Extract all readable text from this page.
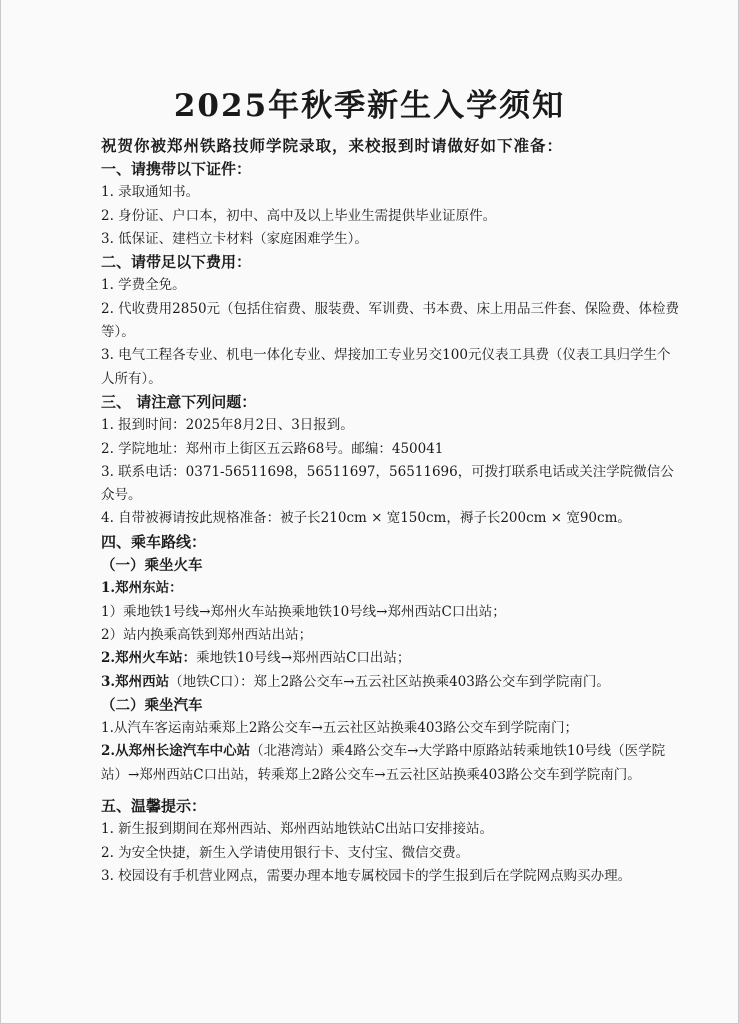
2025年秋季新生入学须知
祝贺你被郑州铁路技师学院录取，来校报到时请做好如下准备：
一、请携带以下证件：
1. 录取通知书。
2. 身份证、户口本，初中、高中及以上毕业生需提供毕业证原件。
3. 低保证、建档立卡材料（家庭困难学生）。
二、请带足以下费用：
1. 学费全免。
2. 代收费用2850元（包括住宿费、服装费、军训费、书本费、床上用品三件套、保险费、体检费等）。
3. 电气工程各专业、机电一体化专业、焊接加工专业另交100元仪表工具费（仪表工具归学生个人所有）。
三、 请注意下列问题：
1. 报到时间：2025年8月2日、3日报到。
2. 学院地址：郑州市上街区五云路68号。邮编：450041
3. 联系电话：0371-56511698，56511697，56511696，可拨打联系电话或关注学院微信公众号。
4. 自带被褥请按此规格准备：被子长210cm × 宽150cm，褥子长200cm × 宽90cm。
四、乘车路线：
（一）乘坐火车
1.郑州东站：
1）乘地铁1号线→郑州火车站换乘地铁10号线→郑州西站C口出站；
2）站内换乘高铁到郑州西站出站；
2.郑州火车站：乘地铁10号线→郑州西站C口出站；
3.郑州西站（地铁C口）：郑上2路公交车→五云社区站换乘403路公交车到学院南门。
（二）乘坐汽车
1.从汽车客运南站乘郑上2路公交车→五云社区站换乘403路公交车到学院南门；
2.从郑州长途汽车中心站（北港湾站）乘4路公交车→大学路中原路站转乘地铁10号线（医学院站）→郑州西站C口出站，转乘郑上2路公交车→五云社区站换乘403路公交车到学院南门。
五、温馨提示：
1. 新生报到期间在郑州西站、郑州西站地铁站C出站口安排接站。
2. 为安全快捷，新生入学请使用银行卡、支付宝、微信交费。
3. 校园设有手机营业网点，需要办理本地专属校园卡的学生报到后在学院网点购买办理。
